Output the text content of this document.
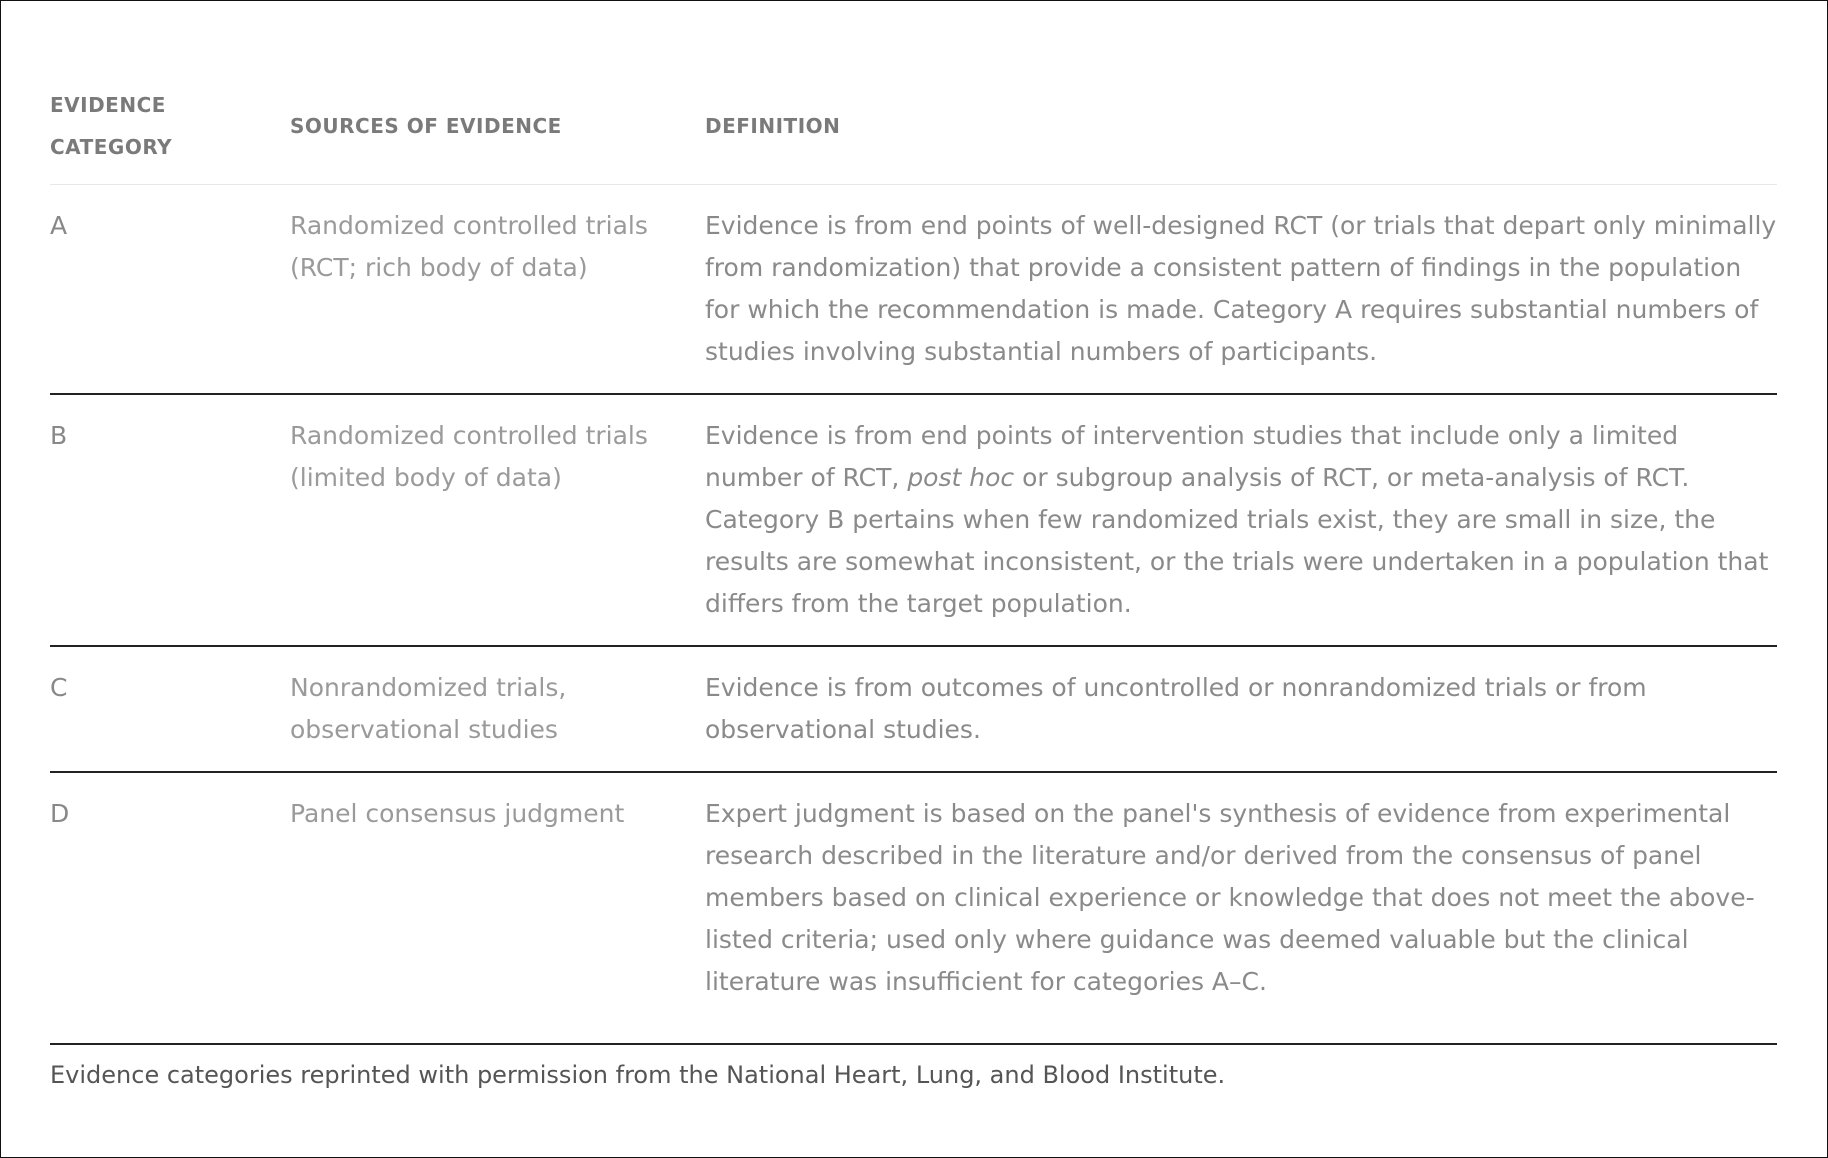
EVIDENCE CATEGORY	SOURCES OF EVIDENCE	DEFINITION
A	Randomized controlled trials (RCT; rich body of data)	Evidence is from end points of well-designed RCT (or trials that depart only minimally from randomization) that provide a consistent pattern of findings in the population for which the recommendation is made. Category A requires substantial numbers of studies involving substantial numbers of participants.
B	Randomized controlled trials (limited body of data)	Evidence is from end points of intervention studies that include only a limited number of RCT, post hoc or subgroup analysis of RCT, or meta-analysis of RCT. Category B pertains when few randomized trials exist, they are small in size, the results are somewhat inconsistent, or the trials were undertaken in a population that differs from the target population.
C	Nonrandomized trials, observational studies	Evidence is from outcomes of uncontrolled or nonrandomized trials or from observational studies.
D	Panel consensus judgment	Expert judgment is based on the panel's synthesis of evidence from experimental research described in the literature and/or derived from the consensus of panel members based on clinical experience or knowledge that does not meet the above-listed criteria; used only where guidance was deemed valuable but the clinical literature was insufficient for categories A–C.
Evidence categories reprinted with permission from the National Heart, Lung, and Blood Institute.
